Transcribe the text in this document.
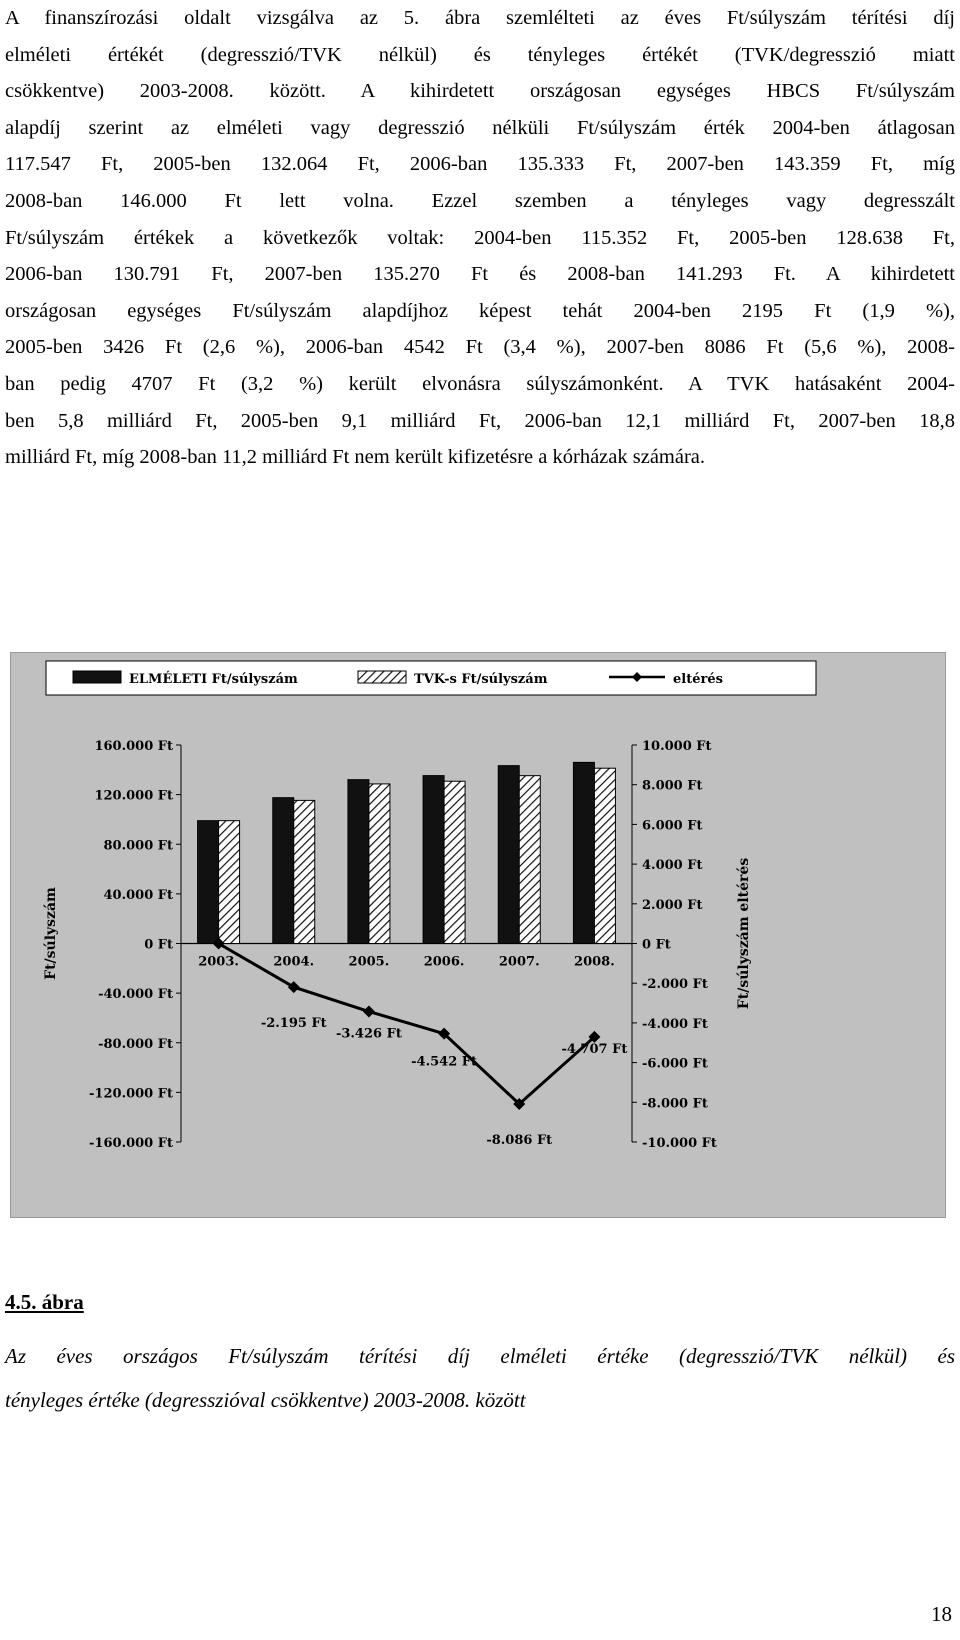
A finanszírozási oldalt vizsgálva az 5. ábra szemlélteti az éves Ft/súlyszám térítési díj
elméleti értékét (degresszió/TVK nélkül) és tényleges értékét (TVK/degresszió miatt
csökkentve) 2003-2008. között. A kihirdetett országosan egységes HBCS Ft/súlyszám
alapdíj szerint az elméleti vagy degresszió nélküli Ft/súlyszám érték 2004-ben átlagosan
117.547 Ft, 2005-ben 132.064 Ft, 2006-ban 135.333 Ft, 2007-ben 143.359 Ft, míg
2008-ban 146.000 Ft lett volna. Ezzel szemben a tényleges vagy degresszált
Ft/súlyszám értékek a következők voltak: 2004-ben 115.352 Ft, 2005-ben 128.638 Ft,
2006-ban 130.791 Ft, 2007-ben 135.270 Ft és 2008-ban 141.293 Ft. A kihirdetett
országosan egységes Ft/súlyszám alapdíjhoz képest tehát 2004-ben 2195 Ft (1,9 %),
2005-ben 3426 Ft (2,6 %), 2006-ban 4542 Ft (3,4 %), 2007-ben 8086 Ft (5,6 %), 2008-
ban pedig 4707 Ft (3,2 %) került elvonásra súlyszámonként. A TVK hatásaként 2004-
ben 5,8 milliárd Ft, 2005-ben 9,1 milliárd Ft, 2006-ban 12,1 milliárd Ft, 2007-ben 18,8
milliárd Ft, míg 2008-ban 11,2 milliárd Ft nem került kifizetésre a kórházak számára.
ELMÉLETI Ft/súlyszám	TVK-s Ft/súlyszám	eltérés
160.000 Ft
120.000 Ft
80.000 Ft
40.000 Ft
0 Ft
-40.000 Ft
-80.000 Ft
-120.000 Ft
-160.000 Ft
10.000 Ft
8.000 Ft
6.000 Ft
4.000 Ft
2.000 Ft
0 Ft
-2.000 Ft
-4.000 Ft
-6.000 Ft
-8.000 Ft
-10.000 Ft
Ft/súlyszám	Ft/súlyszám eltérés
2003.	2004.	2005.	2006.	2007.	2008.
-2.195 Ft
-3.426 Ft
-4.542 Ft
-8.086 Ft
-4.707 Ft
4.5. ábra
Az éves országos Ft/súlyszám térítési díj elméleti értéke (degresszió/TVK nélkül) és
tényleges értéke (degresszióval csökkentve) 2003-2008. között
18
